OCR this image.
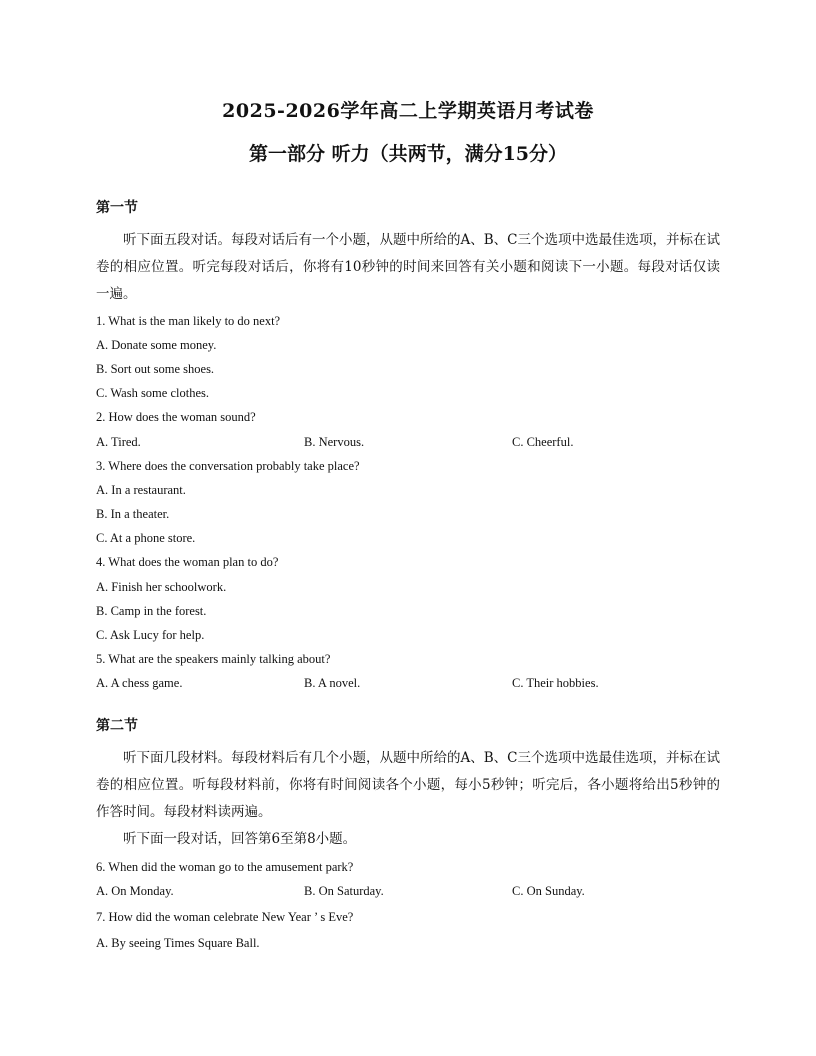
2025-2026学年高二上学期英语月考试卷
第一部分 听力（共两节，满分15分）
第一节
听下面五段对话。每段对话后有一个小题，从题中所给的A、B、C三个选项中选最佳选项，并标在试卷的相应位置。听完每段对话后，你将有10秒钟的时间来回答有关小题和阅读下一小题。每段对话仅读一遍。
1. What is the man likely to do next?
A. Donate some money.
B. Sort out some shoes.
C. Wash some clothes.
2. How does the woman sound?
A. Tired.	B. Nervous.	C. Cheerful.
3. Where does the conversation probably take place?
A. In a restaurant.
B. In a theater.
C. At a phone store.
4. What does the woman plan to do?
A. Finish her schoolwork.
B. Camp in the forest.
C. Ask Lucy for help.
5. What are the speakers mainly talking about?
A. A chess game.	B. A novel.	C. Their hobbies.
第二节
听下面几段材料。每段材料后有几个小题，从题中所给的A、B、C三个选项中选最佳选项，并标在试卷的相应位置。听每段材料前，你将有时间阅读各个小题，每小5秒钟；听完后，各小题将给出5秒钟的作答时间。每段材料读两遍。
听下面一段对话，回答第6至第8小题。
6. When did the woman go to the amusement park?
A. On Monday.	B. On Saturday.	C. On Sunday.
7. How did the woman celebrate New Year ’ s Eve?
A. By seeing Times Square Ball.
